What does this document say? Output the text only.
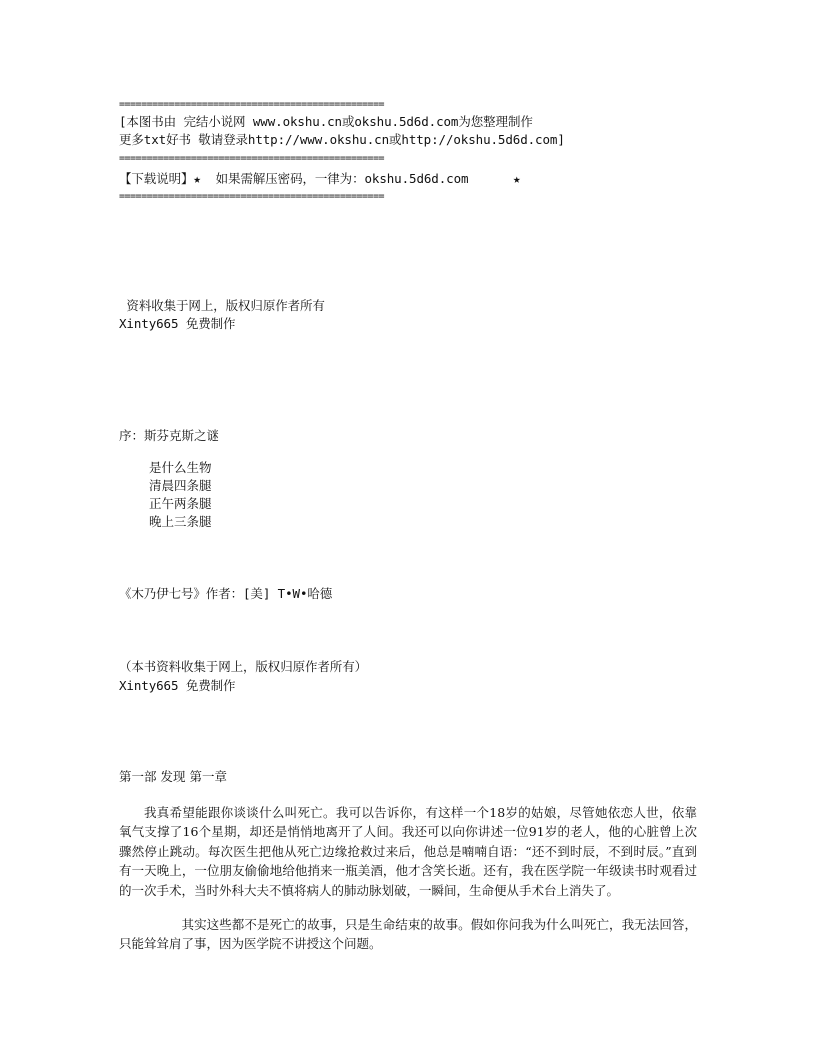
================================================
[本图书由 完结小说网 www.okshu.cn或okshu.5d6d.com为您整理制作
更多txt好书 敬请登录http://www.okshu.cn或http://okshu.5d6d.com]
================================================
【下载说明】★  如果需解压密码，一律为：okshu.5d6d.com      ★
================================================
资料收集于网上，版权归原作者所有
Xinty665 免费制作
序：斯芬克斯之谜
是什么生物
清晨四条腿
正午两条腿
晚上三条腿
《木乃伊七号》作者：[美] T•W•哈德
（本书资料收集于网上，版权归原作者所有）
Xinty665 免费制作
第一部 发现 第一章
我真希望能跟你谈谈什么叫死亡。我可以告诉你，有这样一个18岁的姑娘，尽管她依恋人世，依靠氧气支撑了16个星期，却还是悄悄地离开了人间。我还可以向你讲述一位91岁的老人，他的心脏曾上次骤然停止跳动。每次医生把他从死亡边缘抢救过来后，他总是喃喃自语：“还不到时辰，不到时辰。”直到有一天晚上，一位朋友偷偷地给他捎来一瓶美酒，他才含笑长逝。还有，我在医学院一年级读书时观看过的一次手术，当时外科大夫不慎将病人的肺动脉划破，一瞬间，生命便从手术台上消失了。
其实这些都不是死亡的故事，只是生命结束的故事。假如你问我为什么叫死亡，我无法回答，只能耸耸肩了事，因为医学院不讲授这个问题。
